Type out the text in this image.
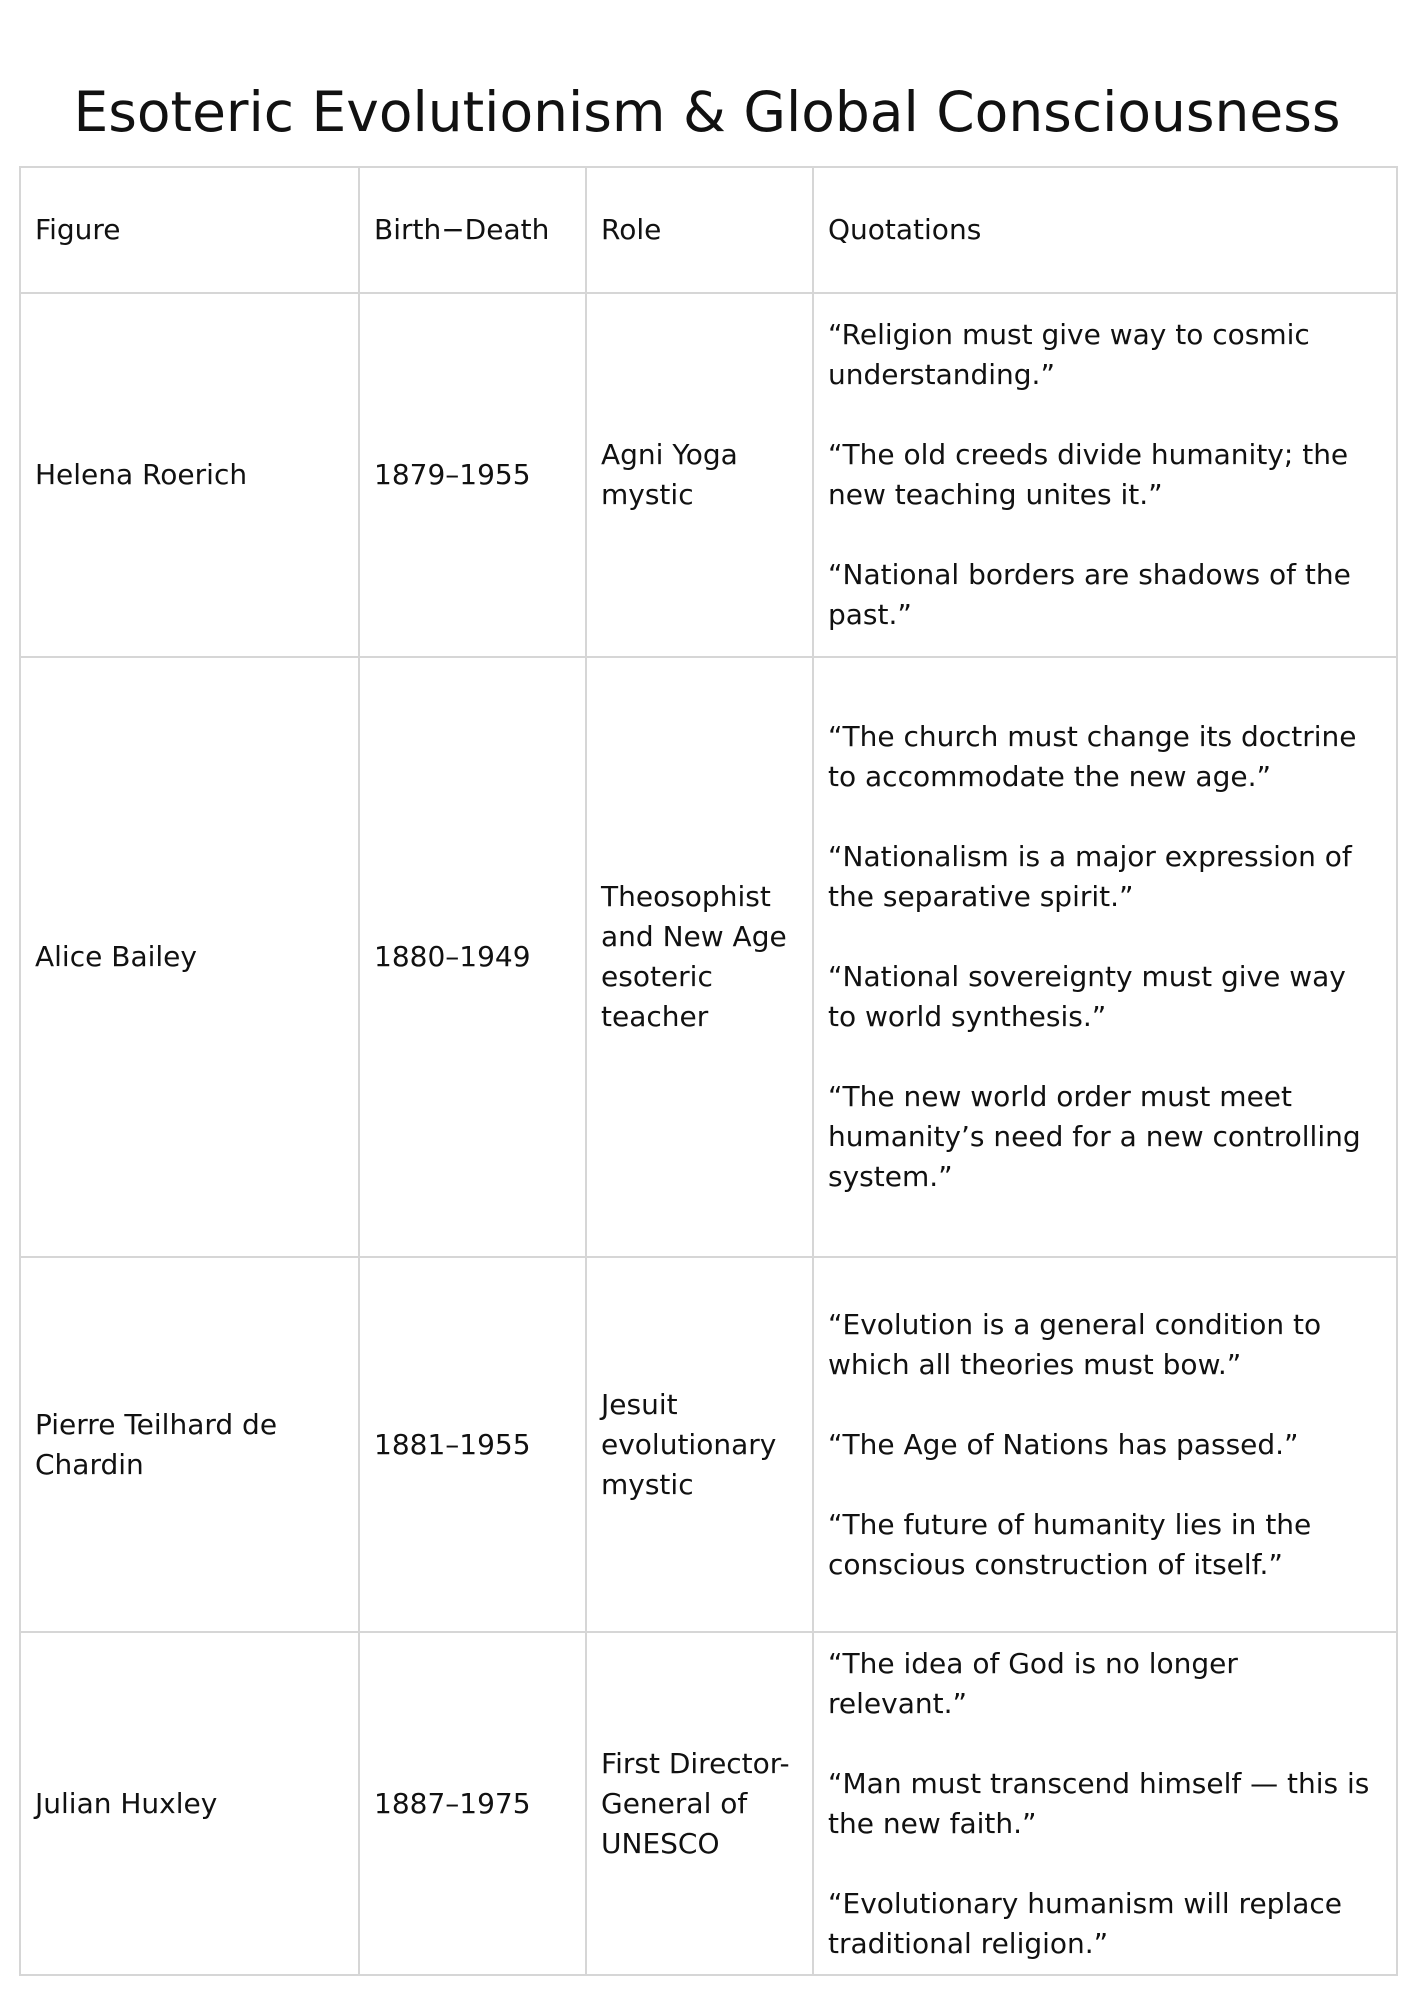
Esoteric Evolutionism & Global Consciousness
Figure	Birth−Death	Role	Quotations
Helena Roerich	1879–1955	Agni Yoga mystic	“Religion must give way to cosmic understanding.”
“The old creeds divide humanity; the new teaching unites it.”
“National borders are shadows of the past.”

Alice Bailey	1880–1949	Theosophist and New Age esoteric teacher	“The church must change its doctrine to accommodate the new age.”
“Nationalism is a major expression of the separative spirit.”
“National sovereignty must give way to world synthesis.”
“The new world order must meet humanity’s need for a new controlling system.”

Pierre Teilhard de Chardin	1881–1955	Jesuit evolutionary mystic	“Evolution is a general condition to which all theories must bow.”
“The Age of Nations has passed.”
“The future of humanity lies in the conscious construction of itself.”

Julian Huxley	1887–1975	First Director-General of UNESCO	“The idea of God is no longer relevant.”
“Man must transcend himself — this is the new faith.”
“Evolutionary humanism will replace traditional religion.”
